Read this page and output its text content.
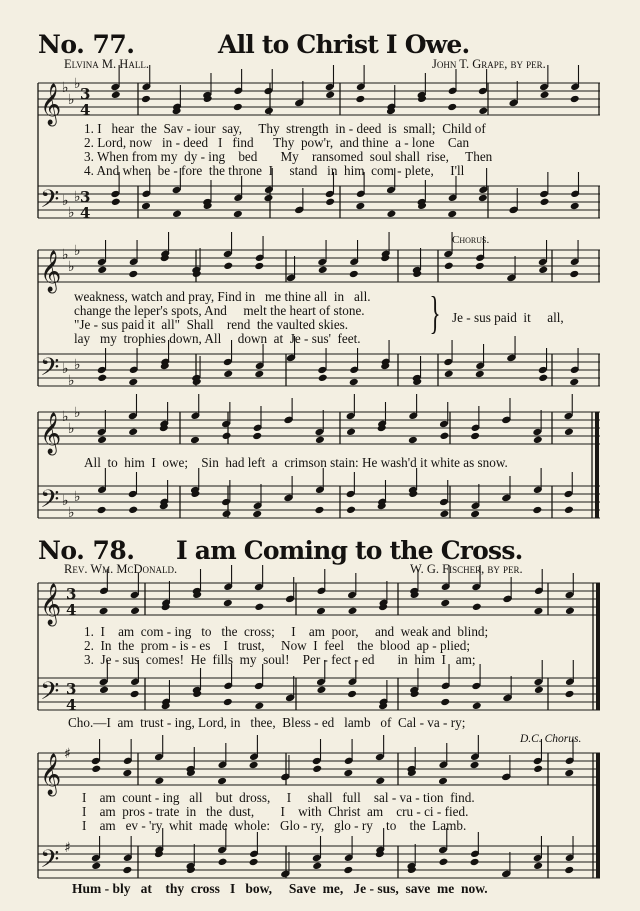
No. 77.	All to Christ I Owe.
Elvina M. Hall.	John T. Grape, by per.
𝄞
𝄢
𝄞
𝄢
𝄞
𝄢
𝄞
𝄢
𝄞
𝄢
♭
♭
♭
♭
♭
♭
♭
♭
♭
♭
♭
♭
♭
♭
♭
♭
♭
♭
♯
♯
3
4
3
4
3
4
3
4
1. I   hear  the  Sav - iour  say,     Thy  strength  in - deed  is  small;  Child of
2. Lord, now   in - deed   I   find      Thy  pow'r,  and thine  a - lone    Can
3. When from my  dy - ing    bed       My    ransomed  soul shall  rise,     Then
4. And when  be - fore  the throne  I     stand   in  him  com - plete,     I'll
Chorus.
weakness, watch and pray, Find in   me thine all  in   all.
change the leper's spots, And     melt the heart of stone.
"Je - sus paid it  all"  Shall    rend  the vaulted skies.
lay   my  trophies down, All     down  at  Je - sus'  feet.
} Je - sus paid  it     all,
All  to  him  I  owe;    Sin  had left  a  crimson stain: He wash'd it white as snow.
No. 78. I am Coming to the Cross.
Rev. Wm. McDonald.	W. G. Fischer, by per.
1.  I    am  com - ing   to   the  cross;     I    am  poor,     and  weak and  blind;
2.  In  the  prom - is - es    I   trust,     Now  I  feel    the  blood  ap - plied;
3.  Je - sus  comes!  He  fills  my  soul!    Per - fect - ed       in  him  I   am;
Cho.—I  am  trust - ing, Lord, in   thee,  Bless - ed   lamb   of  Cal - va - ry;
D.C. Chorus.
I    am  count - ing   all    but  dross,     I     shall   full    sal - va - tion  find.
I    am  pros - trate  in   the  dust,        I    with  Christ  am    cru - ci - fied.
I    am   ev - 'ry  whit  made  whole:   Glo - ry,   glo - ry    to    the  Lamb.
Hum - bly   at    thy  cross   I   bow,     Save  me,   Je - sus,  save  me  now.
